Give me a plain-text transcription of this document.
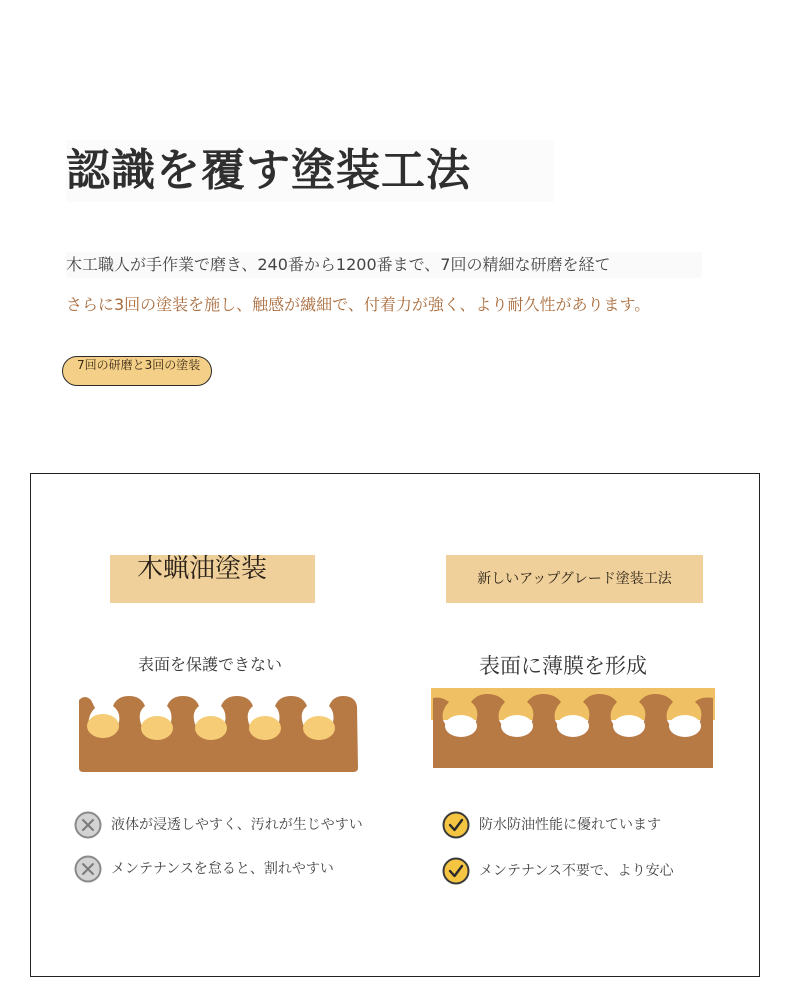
認識を覆す塗装工法
木工職人が手作業で磨き、240番から1200番まで、7回の精細な研磨を経て
さらに3回の塗装を施し、触感が繊細で、付着力が強く、より耐久性があります。
7回の研磨と3回の塗装
木蝋油塗装	新しいアップグレード塗装工法
表面を保護できない	表面に薄膜を形成
液体が浸透しやすく、汚れが生じやすい
メンテナンスを怠ると、割れやすい
防水防油性能に優れています
メンテナンス不要で、より安心
